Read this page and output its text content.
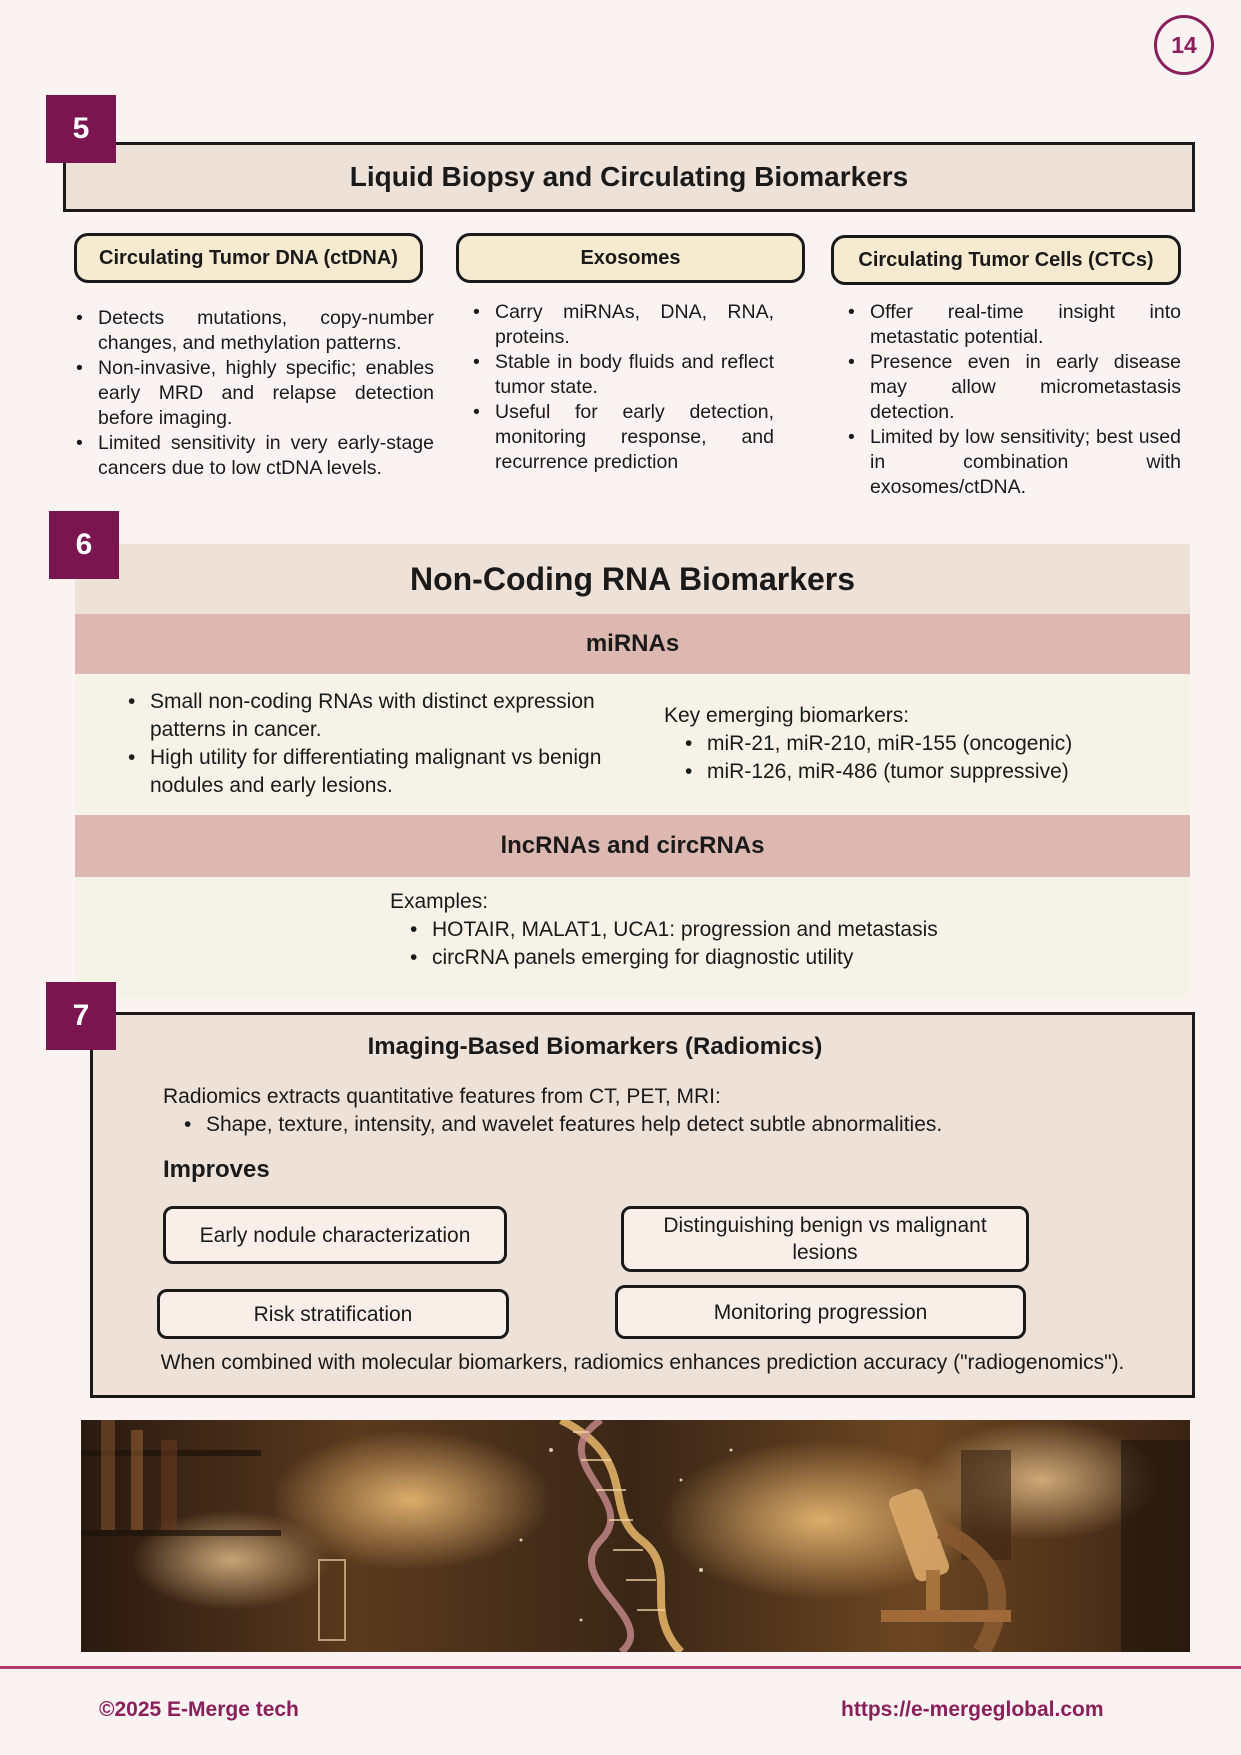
14
5
Liquid Biopsy and Circulating Biomarkers
Circulating Tumor DNA (ctDNA)	Exosomes	Circulating Tumor Cells (CTCs)
• Detects mutations, copy-number changes, and methylation patterns.
• Non-invasive, highly specific; enables early MRD and relapse detection before imaging.
• Limited sensitivity in very early-stage cancers due to low ctDNA levels.
• Carry miRNAs, DNA, RNA, proteins.
• Stable in body fluids and reflect tumor state.
• Useful for early detection, monitoring response, and recurrence prediction
• Offer real-time insight into metastatic potential.
• Presence even in early disease may allow micrometastasis detection.
• Limited by low sensitivity; best used in combination with exosomes/ctDNA.
6
Non-Coding RNA Biomarkers
miRNAs
• Small non-coding RNAs with distinct expression patterns in cancer.
• High utility for differentiating malignant vs benign nodules and early lesions.
Key emerging biomarkers:
• miR-21, miR-210, miR-155 (oncogenic)
• miR-126, miR-486 (tumor suppressive)
lncRNAs and circRNAs
Examples:
• HOTAIR, MALAT1, UCA1: progression and metastasis
• circRNA panels emerging for diagnostic utility
7
Imaging-Based Biomarkers (Radiomics)
Radiomics extracts quantitative features from CT, PET, MRI:
• Shape, texture, intensity, and wavelet features help detect subtle abnormalities.
Improves
Early nodule characterization	Distinguishing benign vs malignant lesions
Risk stratification	Monitoring progression
When combined with molecular biomarkers, radiomics enhances prediction accuracy ("radiogenomics").
©2025 E-Merge tech	https://e-mergeglobal.com
